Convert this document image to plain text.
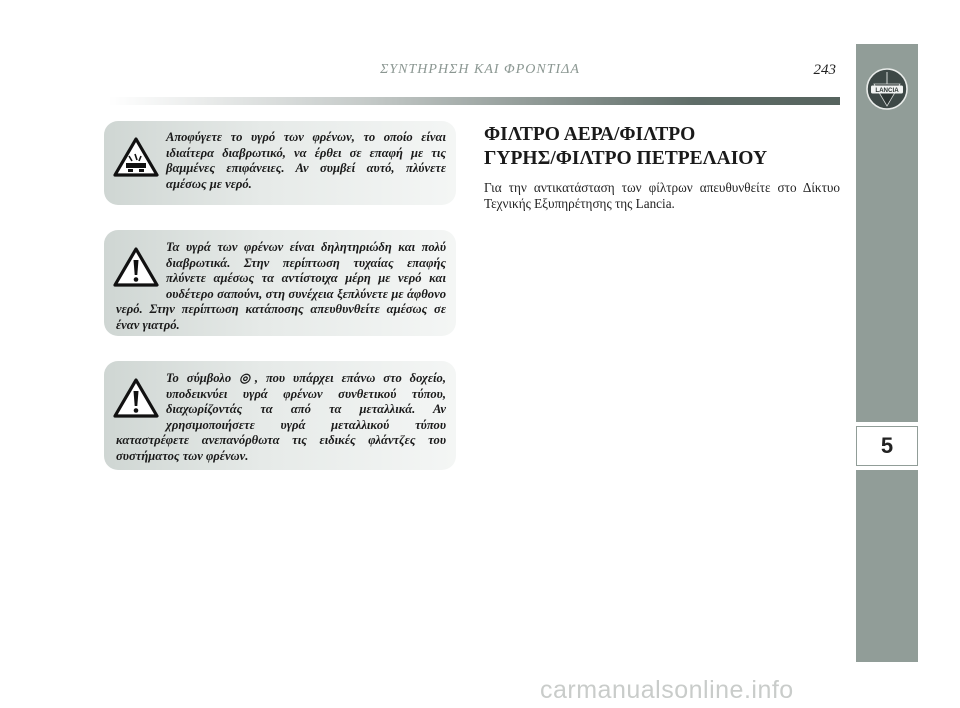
ΣΥΝΤΗΡΗΣΗ ΚΑΙ ΦΡΟΝΤΙΔΑ	243
LANCIA
5

Αποφύγετε το υγρό των φρένων, το οποίο είναι ιδιαίτερα διαβρωτικό, να έρθει σε επαφή με τις βαμμένες επιφάνειες. Αν συμβεί αυτό, πλύνετε αμέσως με νερό.

Τα υγρά των φρένων είναι δηλητηριώδη και πολύ διαβρωτικά. Στην περίπτωση τυχαίας επαφής πλύνετε αμέσως τα αντίστοιχα μέρη με νερό και ουδέτερο σαπούνι, στη συνέχεια ξεπλύνετε με άφθονο νερό. Στην περίπτωση κατάποσης απευθυνθείτε αμέσως σε έναν γιατρό.

Το σύμβολο ◎, που υπάρχει επάνω στο δοχείο, υποδεικνύει υγρά φρένων συνθετικού τύπου, διαχωρίζοντάς τα από τα μεταλλικά. Αν χρησιμοποιήσετε υγρά μεταλλικού τύπου καταστρέφετε ανεπανόρθωτα τις ειδικές φλάντζες του συστήματος των φρένων.

ΦΙΛΤΡΟ ΑΕΡΑ/ΦΙΛΤΡΟ
ΓΥΡΗΣ/ΦΙΛΤΡΟ ΠΕΤΡΕΛΑΙΟΥ

Για την αντικατάσταση των φίλτρων απευθυνθείτε στο Δίκτυο Τεχνικής Εξυπηρέτησης της Lancia.

carmanualsonline.info
